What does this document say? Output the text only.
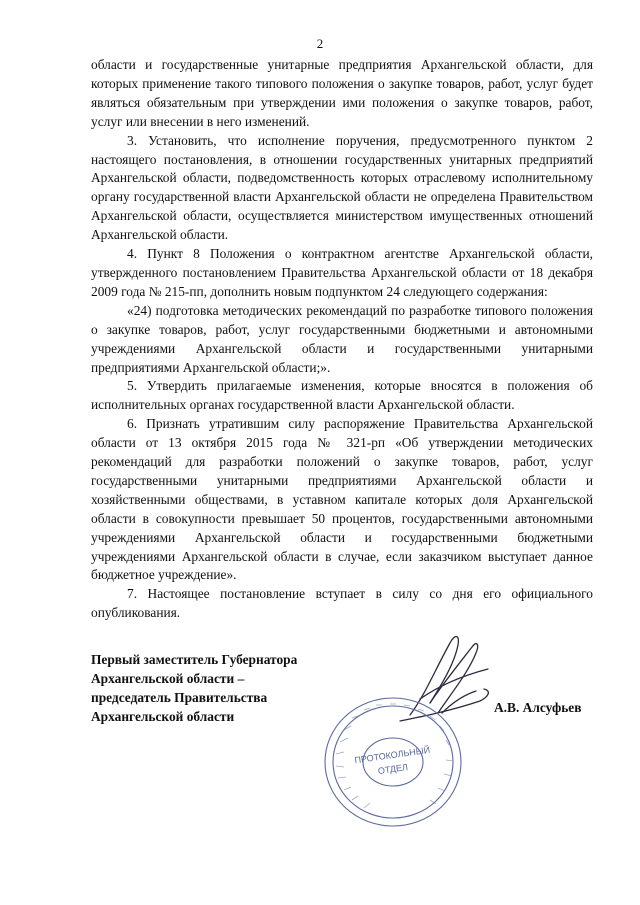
2

области и государственные унитарные предприятия Архангельской области, для которых применение такого типового положения о закупке товаров, работ, услуг будет являться обязательным при утверждении ими положения о закупке товаров, работ, услуг или внесении в него изменений.

3. Установить, что исполнение поручения, предусмотренного пунктом 2 настоящего постановления, в отношении государственных унитарных предприятий Архангельской области, подведомственность которых отраслевому исполнительному органу государственной власти Архангельской области не определена Правительством Архангельской области, осуществляется министерством имущественных отношений Архангельской области.

4. Пункт 8 Положения о контрактном агентстве Архангельской области, утвержденного постановлением Правительства Архангельской области от 18 декабря 2009 года № 215-пп, дополнить новым подпунктом 24 следующего содержания:

«24) подготовка методических рекомендаций по разработке типового положения о закупке товаров, работ, услуг государственными бюджетными и автономными учреждениями Архангельской области и государственными унитарными предприятиями Архангельской области;».

5. Утвердить прилагаемые изменения, которые вносятся в положения об исполнительных органах государственной власти Архангельской области.

6. Признать утратившим силу распоряжение Правительства Архангельской области от 13 октября 2015 года № 321-рп «Об утверждении методических рекомендаций для разработки положений о закупке товаров, работ, услуг государственными унитарными предприятиями Архангельской области и хозяйственными обществами, в уставном капитале которых доля Архангельской области в совокупности превышает 50 процентов, государственными автономными учреждениями Архангельской области и государственными бюджетными учреждениями Архангельской области в случае, если заказчиком выступает данное бюджетное учреждение».

7. Настоящее постановление вступает в силу со дня его официального опубликования.

Первый заместитель Губернатора
Архангельской области –
председатель Правительства
Архангельской области
А.В. Алсуфьев
ПРОТОКОЛЬНЫЙ
ОТДЕЛ
